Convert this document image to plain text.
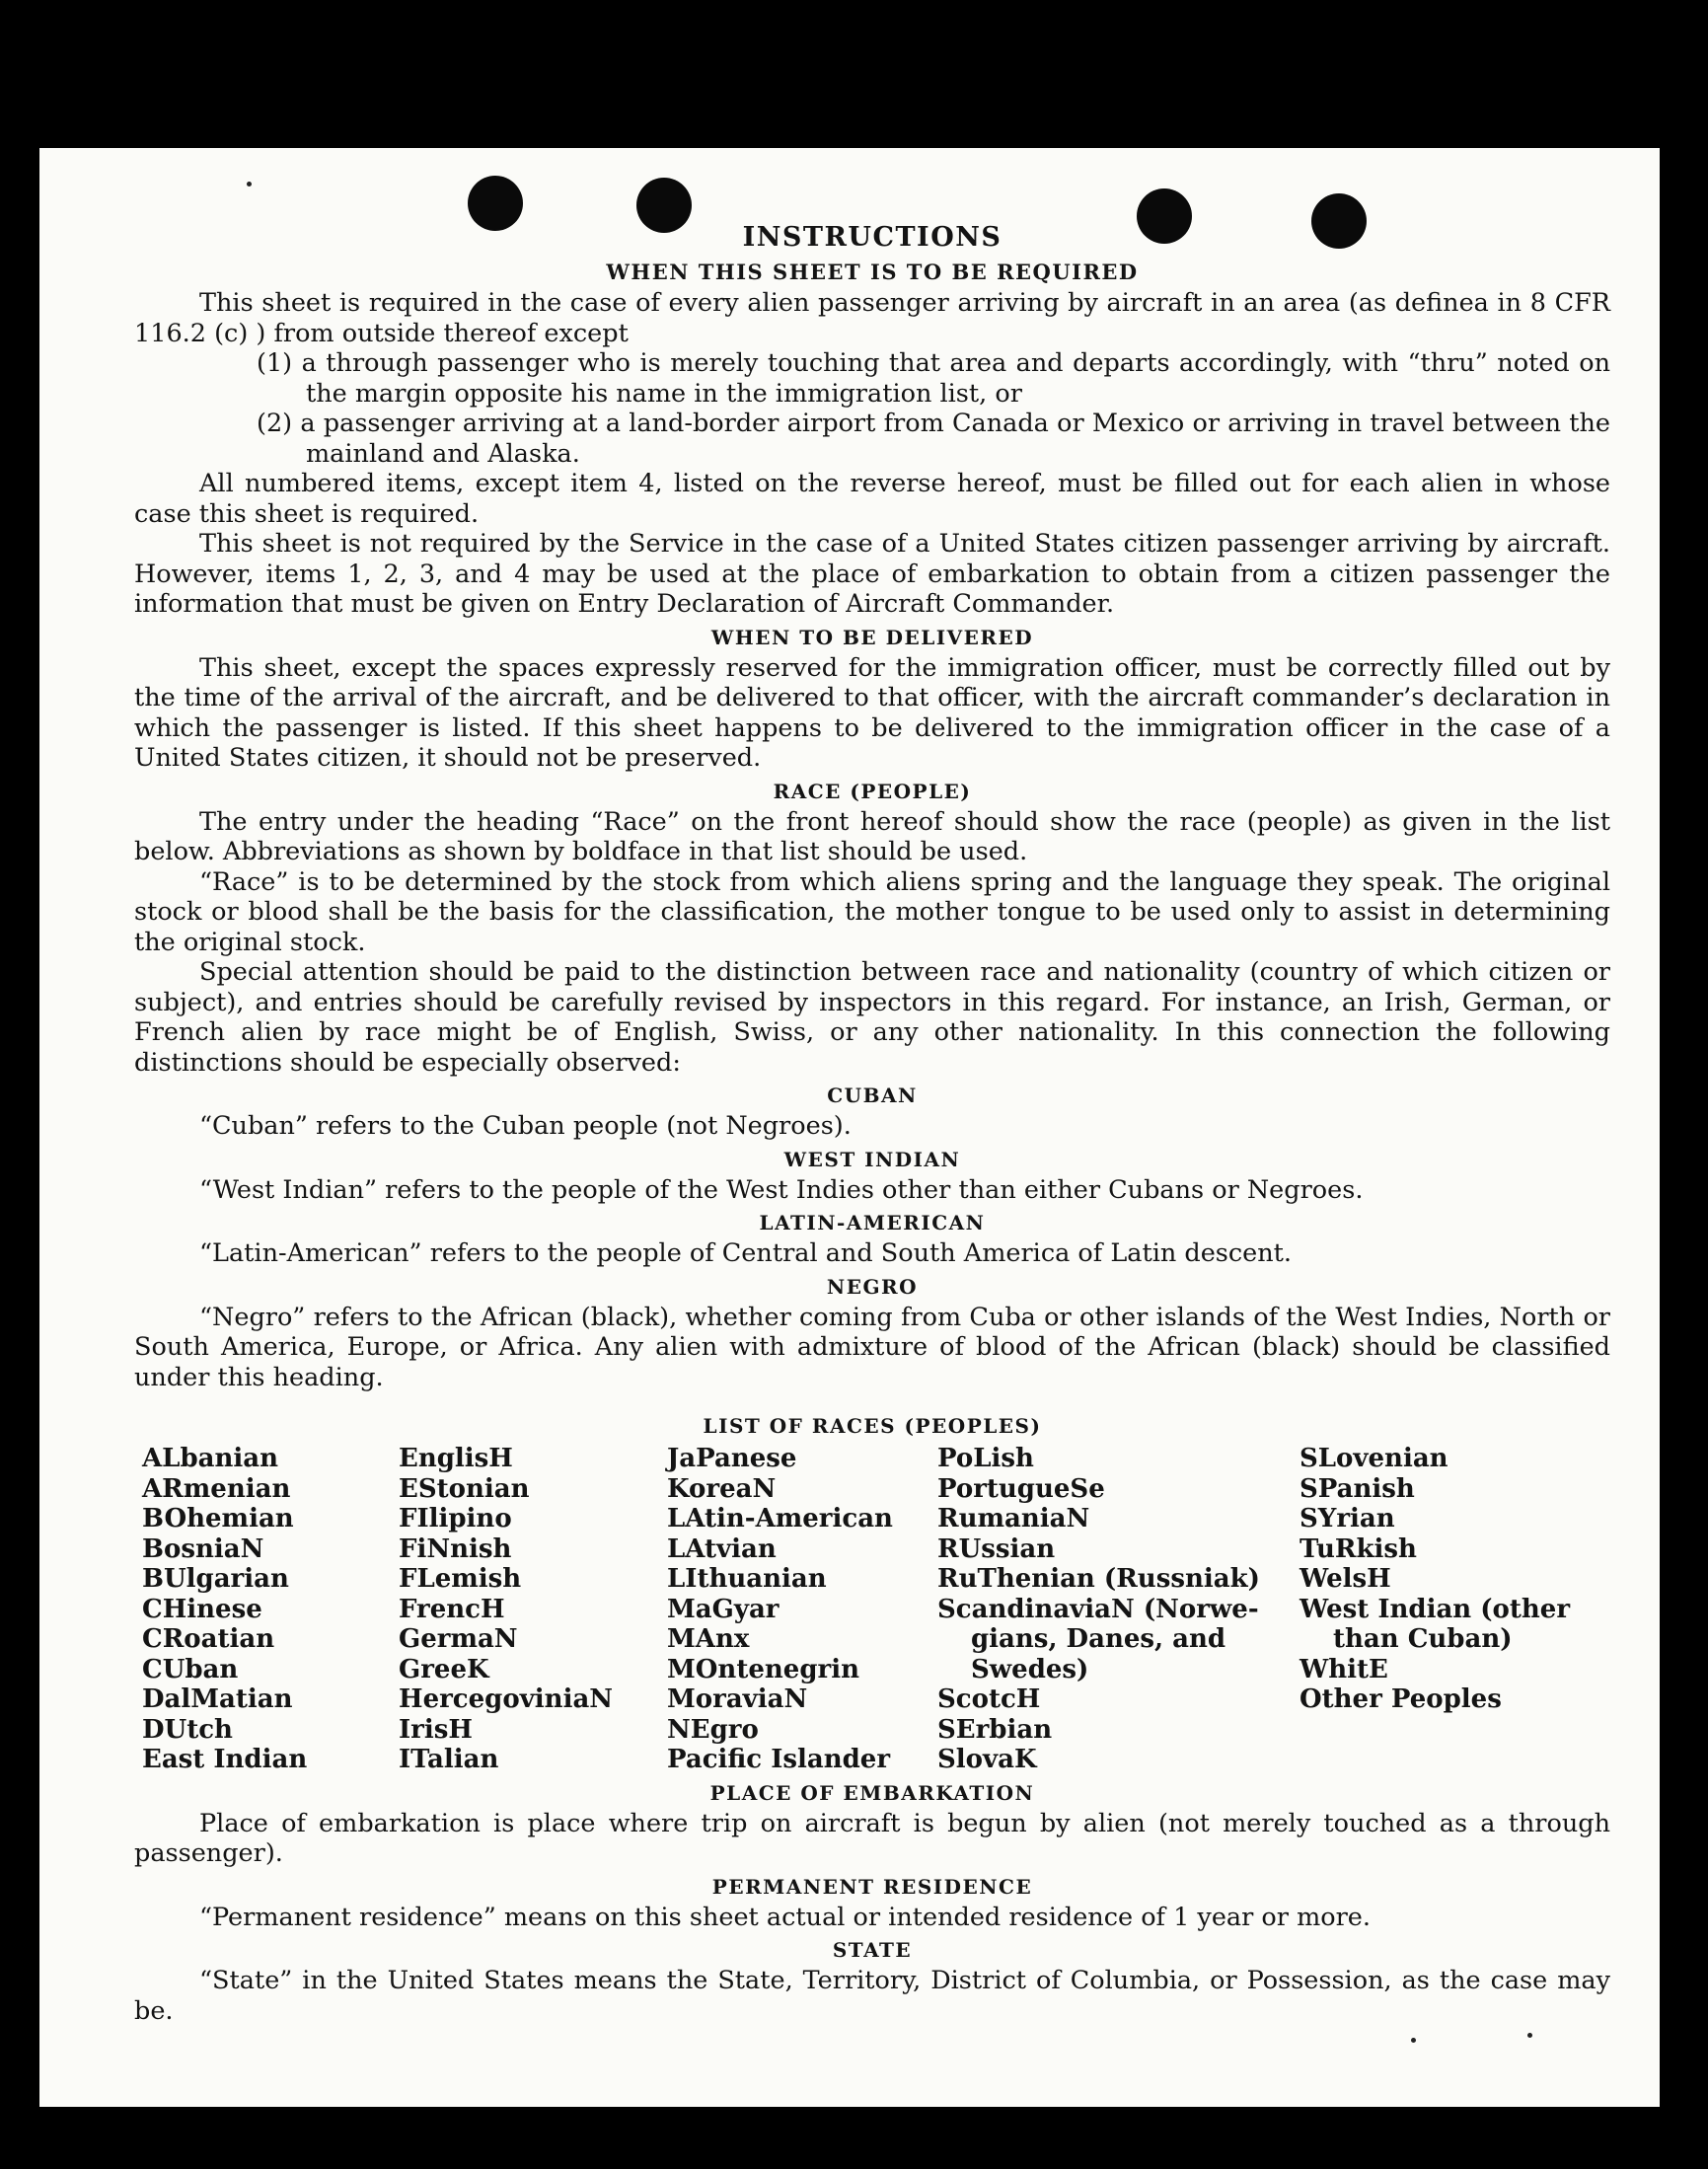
INSTRUCTIONS
WHEN THIS SHEET IS TO BE REQUIRED

This sheet is required in the case of every alien passenger arriving by aircraft in an area (as definea in 8 CFR 116.2 (c) ) from outside thereof except

(1) a through passenger who is merely touching that area and departs accordingly, with “thru” noted on the margin opposite his name in the immigration list, or

(2) a passenger arriving at a land-border airport from Canada or Mexico or arriving in travel between the mainland and Alaska.

All numbered items, except item 4, listed on the reverse hereof, must be filled out for each alien in whose case this sheet is required.

This sheet is not required by the Service in the case of a United States citizen passenger arriving by aircraft. However, items 1, 2, 3, and 4 may be used at the place of embarkation to obtain from a citizen passenger the information that must be given on Entry Declaration of Aircraft Commander.

WHEN TO BE DELIVERED

This sheet, except the spaces expressly reserved for the immigration officer, must be correctly filled out by the time of the arrival of the aircraft, and be delivered to that officer, with the aircraft commander’s declaration in which the passenger is listed. If this sheet happens to be delivered to the immigration officer in the case of a United States citizen, it should not be preserved.

RACE (PEOPLE)

The entry under the heading “Race” on the front hereof should show the race (people) as given in the list below. Abbreviations as shown by boldface in that list should be used.

“Race” is to be determined by the stock from which aliens spring and the language they speak. The original stock or blood shall be the basis for the classification, the mother tongue to be used only to assist in determining the original stock.

Special attention should be paid to the distinction between race and nationality (country of which citizen or subject), and entries should be carefully revised by inspectors in this regard. For instance, an Irish, German, or French alien by race might be of English, Swiss, or any other nationality. In this connection the following distinctions should be especially observed:

CUBAN

“Cuban” refers to the Cuban people (not Negroes).

WEST INDIAN

“West Indian” refers to the people of the West Indies other than either Cubans or Negroes.

LATIN-AMERICAN

“Latin-American” refers to the people of Central and South America of Latin descent.

NEGRO

“Negro” refers to the African (black), whether coming from Cuba or other islands of the West Indies, North or South America, Europe, or Africa. Any alien with admixture of blood of the African (black) should be classified under this heading.

LIST OF RACES (PEOPLES)
ALbanian
ARmenian
BOhemian
BosniaN
BUlgarian
CHinese
CRoatian
CUban
DalMatian
DUtch
East Indian
EnglisH
EStonian
FIlipino
FiNnish
FLemish
FrencH
GermaN
GreeK
HercegoviniaN
IrisH
ITalian
JaPanese
KoreaN
LAtin-American
LAtvian
LIthuanian
MaGyar
MAnx
MOntenegrin
MoraviaN
NEgro
Pacific Islander
PoLish
PortugueSe
RumaniaN
RUssian
RuThenian (Russniak)
ScandinaviaN (Norwe-
gians, Danes, and
Swedes)
ScotcH
SErbian
SlovaK
SLovenian
SPanish
SYrian
TuRkish
WelsH
West Indian (other
than Cuban)
WhitE
Other Peoples
PLACE OF EMBARKATION

Place of embarkation is place where trip on aircraft is begun by alien (not merely touched as a through passenger).

PERMANENT RESIDENCE

“Permanent residence” means on this sheet actual or intended residence of 1 year or more.

STATE

“State” in the United States means the State, Territory, District of Columbia, or Possession, as the case may be.
